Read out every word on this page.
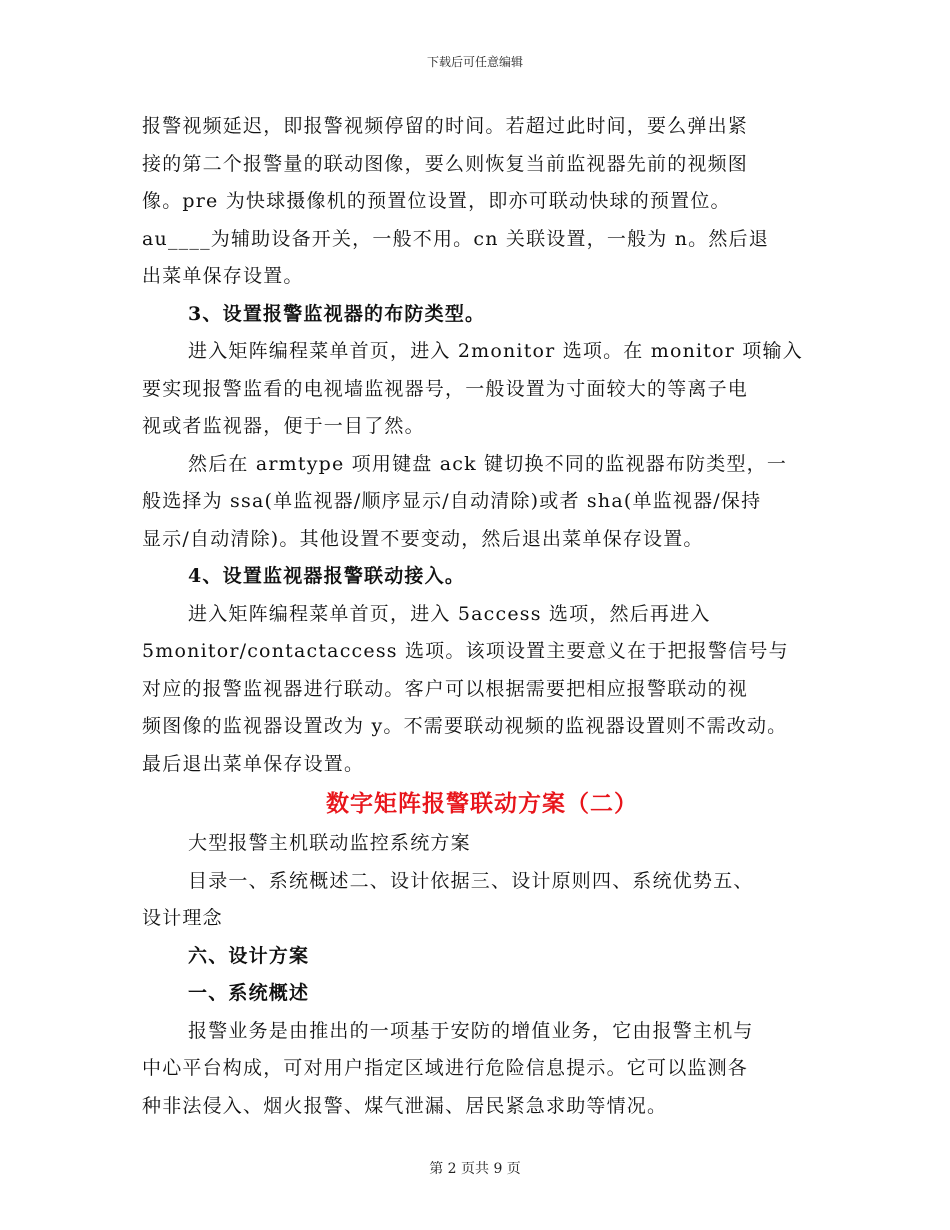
下载后可任意编辑
报警视频延迟，即报警视频停留的时间。若超过此时间，要么弹出紧
接的第二个报警量的联动图像，要么则恢复当前监视器先前的视频图
像。pre 为快球摄像机的预置位设置，即亦可联动快球的预置位。
au____为辅助设备开关，一般不用。cn 关联设置，一般为 n。然后退
出菜单保存设置。
3、设置报警监视器的布防类型。
进入矩阵编程菜单首页，进入 2monitor 选项。在 monitor 项输入
要实现报警监看的电视墙监视器号，一般设置为寸面较大的等离子电
视或者监视器，便于一目了然。
然后在 armtype 项用键盘 ack 键切换不同的监视器布防类型，一
般选择为 ssa(单监视器/顺序显示/自动清除)或者 sha(单监视器/保持
显示/自动清除)。其他设置不要变动，然后退出菜单保存设置。
4、设置监视器报警联动接入。
进入矩阵编程菜单首页，进入 5access 选项，然后再进入
5monitor/contactaccess 选项。该项设置主要意义在于把报警信号与
对应的报警监视器进行联动。客户可以根据需要把相应报警联动的视
频图像的监视器设置改为 y。不需要联动视频的监视器设置则不需改动。
最后退出菜单保存设置。
数字矩阵报警联动方案（二）
大型报警主机联动监控系统方案
目录一、系统概述二、设计依据三、设计原则四、系统优势五、
设计理念
六、设计方案
一、系统概述
报警业务是由推出的一项基于安防的增值业务，它由报警主机与
中心平台构成，可对用户指定区域进行危险信息提示。它可以监测各
种非法侵入、烟火报警、煤气泄漏、居民紧急求助等情况。
第 2 页共 9 页
